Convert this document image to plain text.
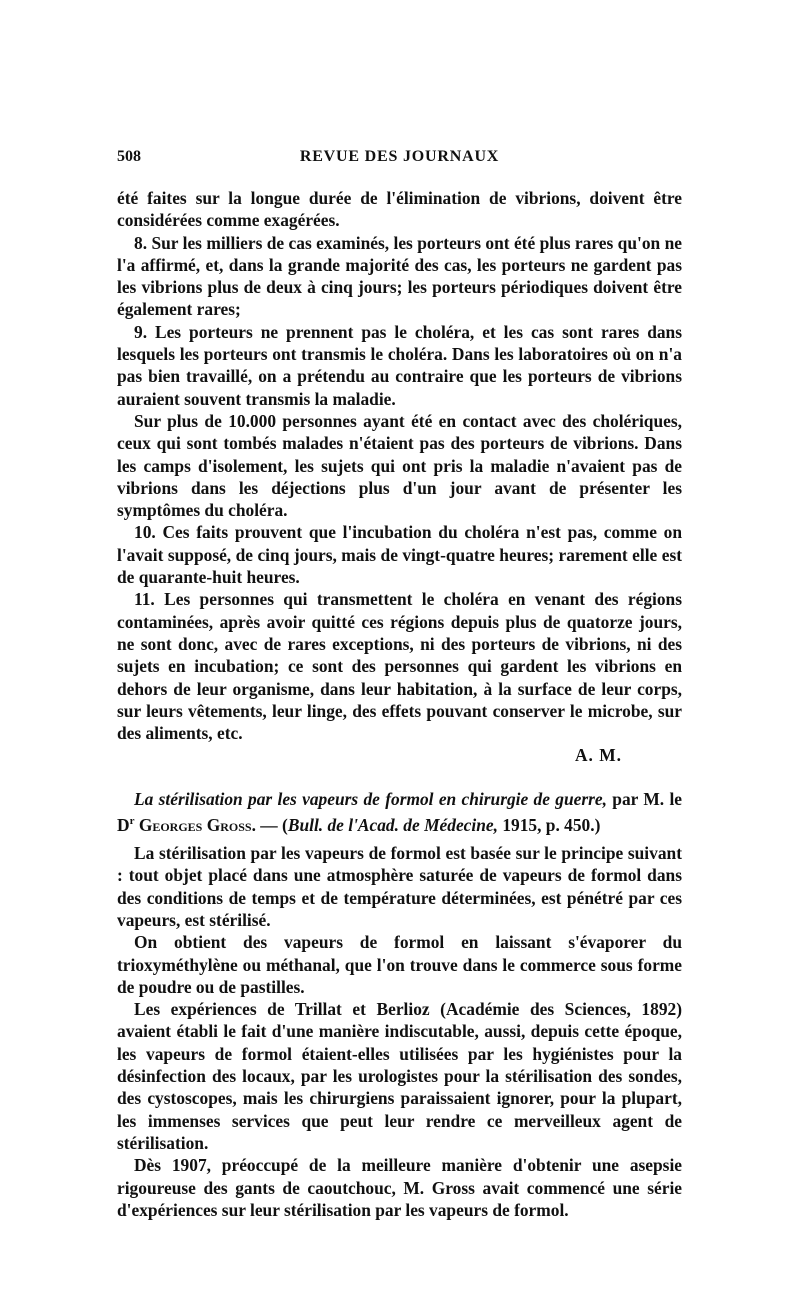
508	REVUE DES JOURNAUX

été faites sur la longue durée de l'élimination de vibrions, doivent être considérées comme exagérées.

8. Sur les milliers de cas examinés, les porteurs ont été plus rares qu'on ne l'a affirmé, et, dans la grande majorité des cas, les porteurs ne gardent pas les vibrions plus de deux à cinq jours; les porteurs périodiques doivent être également rares;

9. Les porteurs ne prennent pas le choléra, et les cas sont rares dans lesquels les porteurs ont transmis le choléra. Dans les laboratoires où on n'a pas bien travaillé, on a prétendu au contraire que les porteurs de vibrions auraient souvent transmis la maladie.

Sur plus de 10.000 personnes ayant été en contact avec des cholériques, ceux qui sont tombés malades n'étaient pas des porteurs de vibrions. Dans les camps d'isolement, les sujets qui ont pris la maladie n'avaient pas de vibrions dans les déjections plus d'un jour avant de présenter les symptômes du choléra.

10. Ces faits prouvent que l'incubation du choléra n'est pas, comme on l'avait supposé, de cinq jours, mais de vingt-quatre heures; rarement elle est de quarante-huit heures.

11. Les personnes qui transmettent le choléra en venant des régions contaminées, après avoir quitté ces régions depuis plus de quatorze jours, ne sont donc, avec de rares exceptions, ni des porteurs de vibrions, ni des sujets en incubation; ce sont des personnes qui gardent les vibrions en dehors de leur organisme, dans leur habitation, à la surface de leur corps, sur leurs vêtements, leur linge, des effets pouvant conserver le microbe, sur des aliments, etc.

A. M.
La stérilisation par les vapeurs de formol en chirurgie de guerre, par M. le $D^r$ Georges Gross. — (Bull. de l'Acad. de Médecine, 1915, p. 450.)

La stérilisation par les vapeurs de formol est basée sur le principe suivant : tout objet placé dans une atmosphère saturée de vapeurs de formol dans des conditions de temps et de température déterminées, est pénétré par ces vapeurs, est stérilisé.

On obtient des vapeurs de formol en laissant s'évaporer du trioxyméthylène ou méthanal, que l'on trouve dans le commerce sous forme de poudre ou de pastilles.

Les expériences de Trillat et Berlioz (Académie des Sciences, 1892) avaient établi le fait d'une manière indiscutable, aussi, depuis cette époque, les vapeurs de formol étaient-elles utilisées par les hygiénistes pour la désinfection des locaux, par les urologistes pour la stérilisation des sondes, des cystoscopes, mais les chirurgiens paraissaient ignorer, pour la plupart, les immenses services que peut leur rendre ce merveilleux agent de stérilisation.

Dès 1907, préoccupé de la meilleure manière d'obtenir une asepsie rigoureuse des gants de caoutchouc, M. Gross avait commencé une série d'expériences sur leur stérilisation par les vapeurs de formol.
